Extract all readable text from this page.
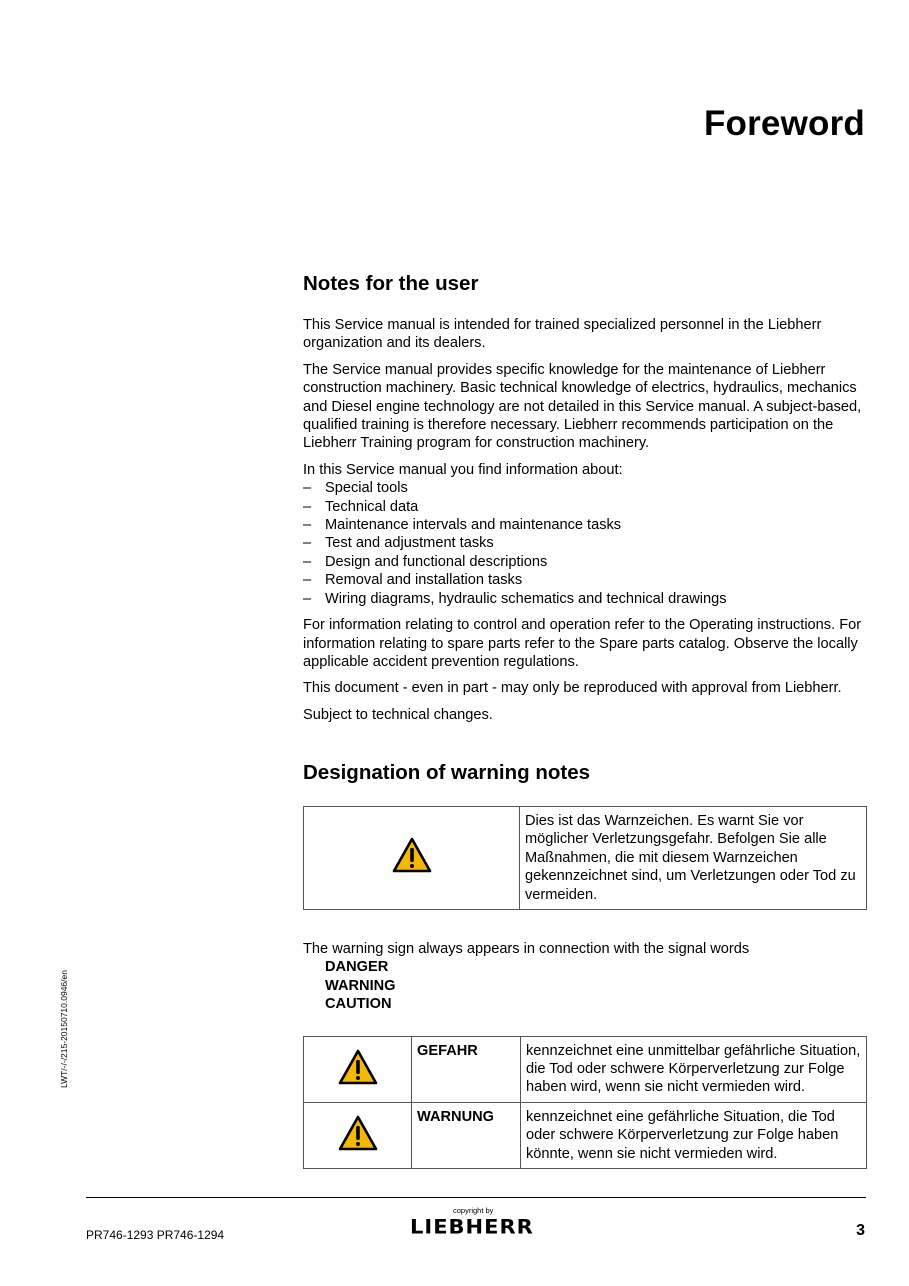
Foreword
Notes for the user

This Service manual is intended for trained specialized personnel in the Liebherr organization and its dealers.

The Service manual provides specific knowledge for the maintenance of Liebherr construction machinery. Basic technical knowledge of electrics, hydraulics, mechanics and Diesel engine technology are not detailed in this Service manual. A subject-based, qualified training is therefore necessary. Liebherr recommends participation on the Liebherr Training program for construction machinery.

In this Service manual you find information about:

– Special tools
– Technical data
– Maintenance intervals and maintenance tasks
– Test and adjustment tasks
– Design and functional descriptions
– Removal and installation tasks
– Wiring diagrams, hydraulic schematics and technical drawings

For information relating to control and operation refer to the Operating instructions. For information relating to spare parts refer to the Spare parts catalog. Observe the locally applicable accident prevention regulations.

This document - even in part - may only be reproduced with approval from Liebherr.

Subject to technical changes.

Designation of warning notes
	Dies ist das Warnzeichen. Es warnt Sie vor möglicher Verletzungsgefahr. Befolgen Sie alle Maßnahmen, die mit diesem Warnzeichen gekennzeichnet sind, um Verletzungen oder Tod zu vermeiden.

The warning sign always appears in connection with the signal words

DANGER
WARNING
CAUTION
	GEFAHR	kennzeichnet eine unmittelbar gefährliche Situation, die Tod oder schwere Körperverletzung zur Folge haben wird, wenn sie nicht vermieden wird.
	WARNUNG	kennzeichnet eine gefährliche Situation, die Tod oder schwere Körperverletzung zur Folge haben könnte, wenn sie nicht vermieden wird.
LWT/-/-/215-20150710.0946/en
PR746-1293 PR746-1294
copyright by
LIEBHERR	3
